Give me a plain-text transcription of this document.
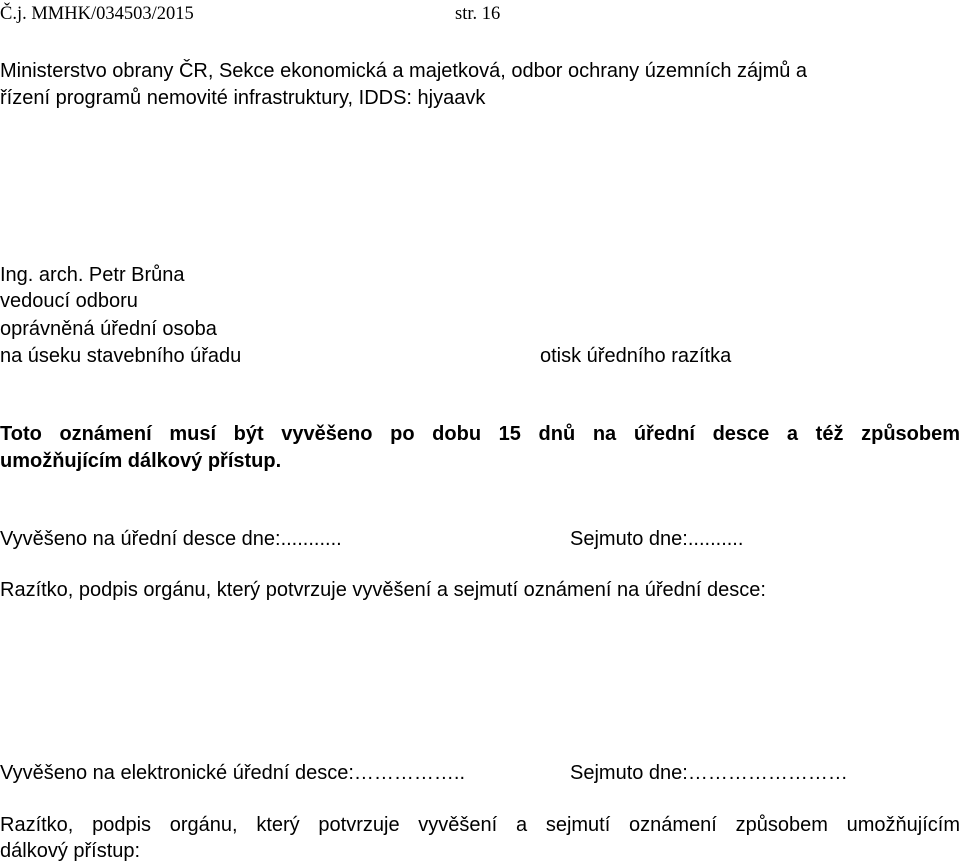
Č.j. MMHK/034503/2015	str. 16
Ministerstvo obrany ČR, Sekce ekonomická a majetková, odbor ochrany územních zájmů a
řízení programů nemovité infrastruktury, IDDS: hjyaavk
Ing. arch. Petr Brůna
vedoucí odboru
oprávněná úřední osoba
na úseku stavebního úřadu	otisk úředního razítka
Toto oznámení musí být vyvěšeno po dobu 15 dnů na úřední desce a též způsobem
umožňujícím dálkový přístup.
Vyvěšeno na úřední desce dne:...........	Sejmuto dne:..........
Razítko, podpis orgánu, který potvrzuje vyvěšení a sejmutí oznámení na úřední desce:
Vyvěšeno na elektronické úřední desce:……………..	Sejmuto dne:……………………
Razítko, podpis orgánu, který potvrzuje vyvěšení a sejmutí oznámení způsobem umožňujícím
dálkový přístup:
